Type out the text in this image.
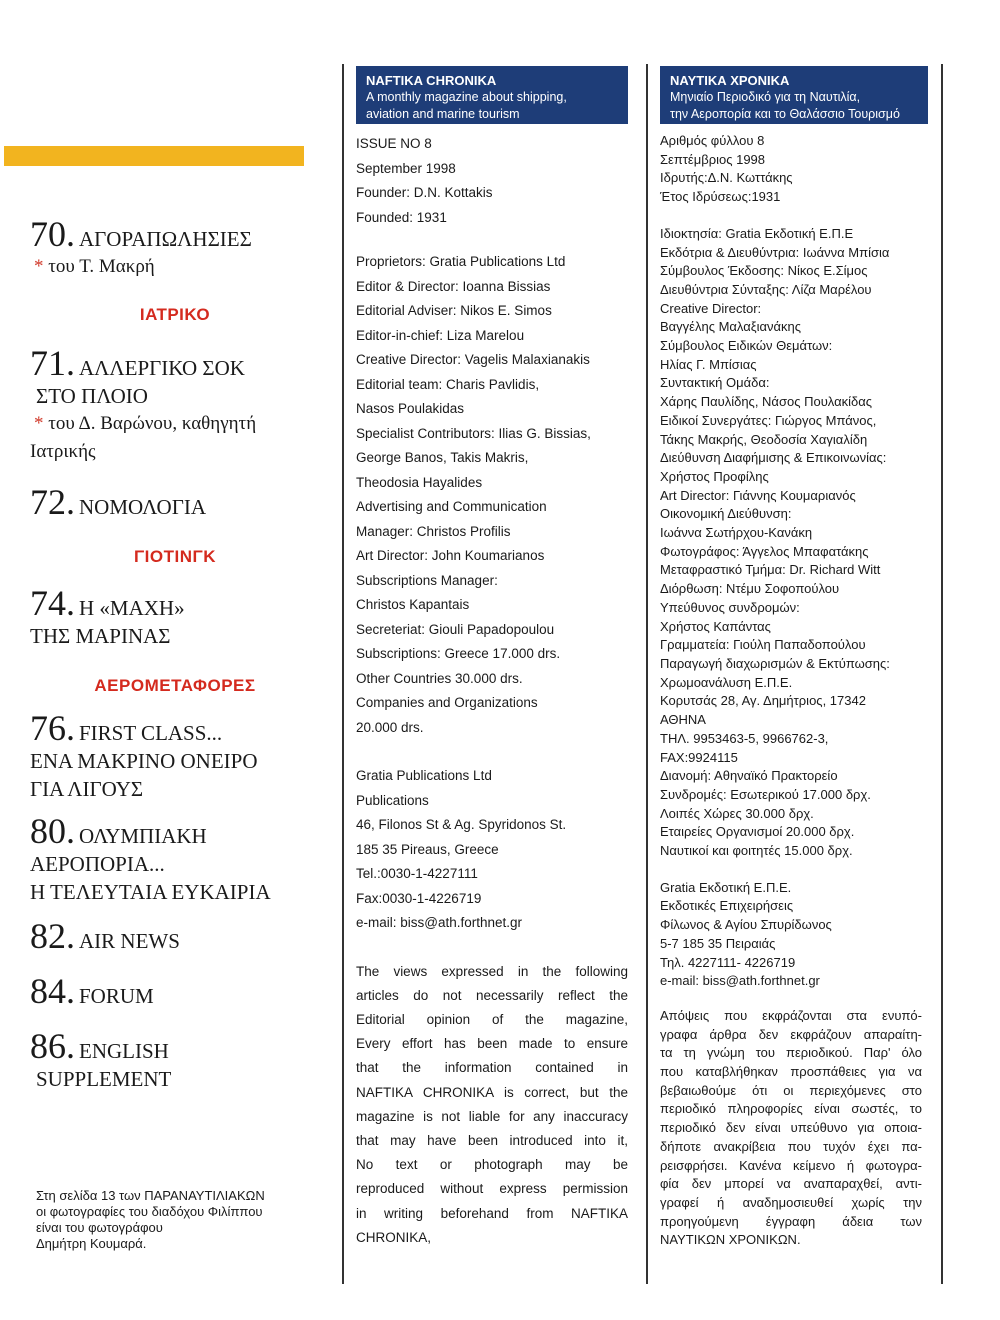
70. ΑΓΟΡΑΠΩΛΗΣΙΕΣ
* του Τ. Μακρή
ΙΑΤΡΙΚΟ
71. ΑΛΛΕΡΓΙΚΟ ΣΟΚ
ΣΤΟ ΠΛΟΙΟ
* του Δ. Βαρώνου, καθηγητή
Ιατρικής
72. ΝΟΜΟΛΟΓΙΑ
ΓΙΟΤΙΝΓΚ
74. Η «ΜΑΧΗ»
ΤΗΣ ΜΑΡΙΝΑΣ
ΑΕΡΟΜΕΤΑΦΟΡΕΣ
76. FIRST CLASS...
ΕΝΑ ΜΑΚΡΙΝΟ ΟΝΕΙΡΟ
ΓΙΑ ΛΙΓΟΥΣ
80. ΟΛΥΜΠΙΑΚΗ
ΑΕΡΟΠΟΡΙΑ...
Η ΤΕΛΕΥΤΑΙΑ ΕΥΚΑΙΡΙΑ
82. AIR NEWS
84. FORUM
86. ENGLISH
SUPPLEMENT
Στη σελίδα 13 των ΠΑΡΑΝΑΥΤΙΛΙΑΚΩΝ
οι φωτογραφίες του διαδόχου Φιλίππου
είναι του φωτογράφου
Δημήτρη Κουμαρά.
NAFTIKA CHRONIKA
A monthly magazine about shipping,
aviation and marine tourism
ISSUE NO 8
September 1998
Founder: D.N. Kottakis
Founded: 1931
Proprietors: Gratia Publications Ltd
Editor & Director: Ioanna Bissias
Editorial Adviser: Nikos E. Simos
Editor-in-chief: Liza Marelou
Creative Director: Vagelis Malaxianakis
Editorial team: Charis Pavlidis,
Nasos Poulakidas
Specialist Contributors: Ilias G. Bissias,
George Banos, Takis Makris,
Theodosia Hayalides
Advertising and Communication
Manager: Christos Profilis
Art Director: John Koumarianos
Subscriptions Manager:
Christos Kapantais
Secreteriat: Giouli Papadopoulou
Subscriptions: Greece 17.000 drs.
Other Countries 30.000 drs.
Companies and Organizations
20.000 drs.
Gratia Publications Ltd
Publications
46, Filonos St & Ag. Spyridonos St.
185 35 Pireaus, Greece
Tel.:0030-1-4227111
Fax:0030-1-4226719
e-mail: biss@ath.forthnet.gr
The views expressed in the following
articles do not necessarily reflect the
Editorial opinion of the magazine,
Every effort has been made to ensure
that the information contained in
NAFTIKA CHRONIKA is correct, but the
magazine is not liable for any inaccuracy
that may have been introduced into it,
No text or photograph may be
reproduced without express permission
in writing beforehand from NAFTIKA
CHRONIKA,
ΝΑΥΤΙΚΑ ΧΡΟΝΙΚΑ
Μηνιαίο Περιοδικό για τη Ναυτιλία,
την Αεροπορία και το Θαλάσσιο Τουρισμό
Αριθμός φύλλου 8
Σεπτέμβριος 1998
Ιδρυτής:Δ.Ν. Κωττάκης
Έτος Ιδρύσεως:1931
Ιδιοκτησία: Gratia Εκδοτική Ε.Π.Ε
Εκδότρια & Διευθύντρια: Ιωάννα Μπίσια
Σύμβουλος Έκδοσης: Νίκος Ε.Σίμος
Διευθύντρια Σύνταξης: Λίζα Μαρέλου
Creative Director:
Βαγγέλης Μαλαξιανάκης
Σύμβουλος Ειδικών Θεμάτων:
Ηλίας Γ. Μπίσιας
Συντακτική Ομάδα:
Χάρης Παυλίδης, Νάσος Πουλακίδας
Ειδικοί Συνεργάτες: Γιώργος Μπάνος,
Τάκης Μακρής, Θεοδοσία Χαγιαλίδη
Διεύθυνση Διαφήμισης & Επικοινωνίας:
Χρήστος Προφίλης
Art Director: Γιάννης Κουμαριανός
Οικονομική Διεύθυνση:
Ιωάννα Σωτήρχου-Κανάκη
Φωτογράφος: Άγγελος Μπαφατάκης
Μεταφραστικό Τμήμα: Dr. Richard Witt
Διόρθωση: Ντέμυ Σοφοπούλου
Υπεύθυνος συνδρομών:
Χρήστος Καπάντας
Γραμματεία: Γιούλη Παπαδοπούλου
Παραγωγή διαχωρισμών & Εκτύπωσης:
Χρωμοανάλυση Ε.Π.Ε.
Κορυτσάς 28, Αγ. Δημήτριος, 17342
ΑΘΗΝΑ
ΤΗΛ. 9953463-5, 9966762-3,
FAX:9924115
Διανομή: Αθηναϊκό Πρακτορείο
Συνδρομές: Εσωτερικού 17.000 δρχ.
Λοιπές Χώρες 30.000 δρχ.
Εταιρείες Οργανισμοί 20.000 δρχ.
Ναυτικοί και φοιτητές 15.000 δρχ.
Gratia Εκδοτική Ε.Π.Ε.
Εκδοτικές Επιχειρήσεις
Φίλωνος & Αγίου Σπυρίδωνος
5-7 185 35 Πειραιάς
Τηλ. 4227111- 4226719
e-mail: biss@ath.forthnet.gr
Απόψεις που εκφράζονται στα ενυπό-
γραφα άρθρα δεν εκφράζουν απαραίτη-
τα τη γνώμη του περιοδικού. Παρ' όλο
που καταβλήθηκαν προσπάθειες για να
βεβαιωθούμε ότι οι περιεχόμενες στο
περιοδικό πληροφορίες είναι σωστές, το
περιοδικό δεν είναι υπεύθυνο για οποια-
δήποτε ανακρίβεια που τυχόν έχει πα-
ρεισφρήσει. Κανένα κείμενο ή φωτογρα-
φία δεν μπορεί να αναπαραχθεί, αντι-
γραφεί ή αναδημοσιευθεί χωρίς την
προηγούμενη έγγραφη άδεια των
ΝΑΥΤΙΚΩΝ ΧΡΟΝΙΚΩΝ.
